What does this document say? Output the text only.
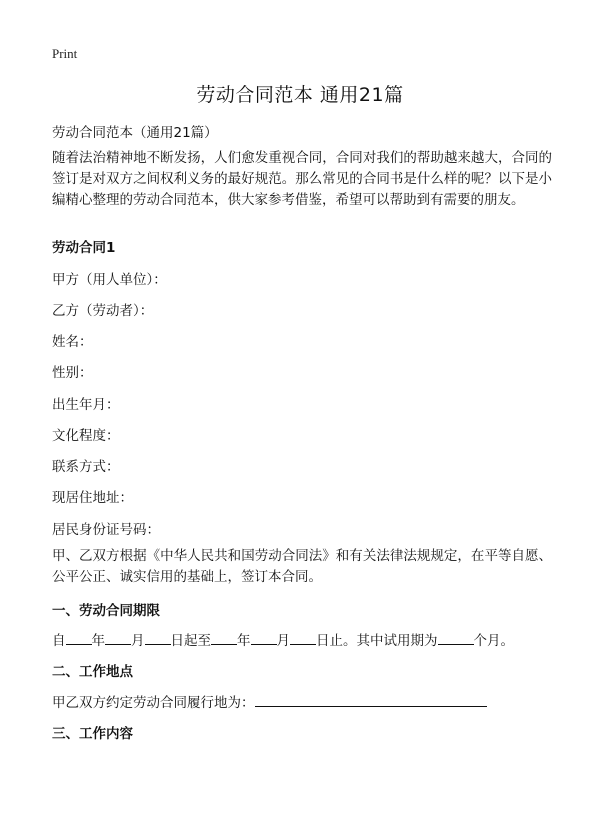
Print
劳动合同范本 通用21篇
劳动合同范本（通用21篇）
随着法治精神地不断发扬，人们愈发重视合同，合同对我们的帮助越来越大，合同的签订是对双方之间权利义务的最好规范。那么常见的合同书是什么样的呢？以下是小编精心整理的劳动合同范本，供大家参考借鉴，希望可以帮助到有需要的朋友。
劳动合同1
甲方（用人单位）：
乙方（劳动者）：
姓名：
性别：
出生年月：
文化程度：
联系方式：
现居住地址：
居民身份证号码：
甲、乙双方根据《中华人民共和国劳动合同法》和有关法律法规规定，在平等自愿、公平公正、诚实信用的基础上，签订本合同。
一、劳动合同期限
自 年 月 日起至 年 月 日止。其中试用期为	个月。
二、工作地点
甲乙双方约定劳动合同履行地为：
三、工作内容
